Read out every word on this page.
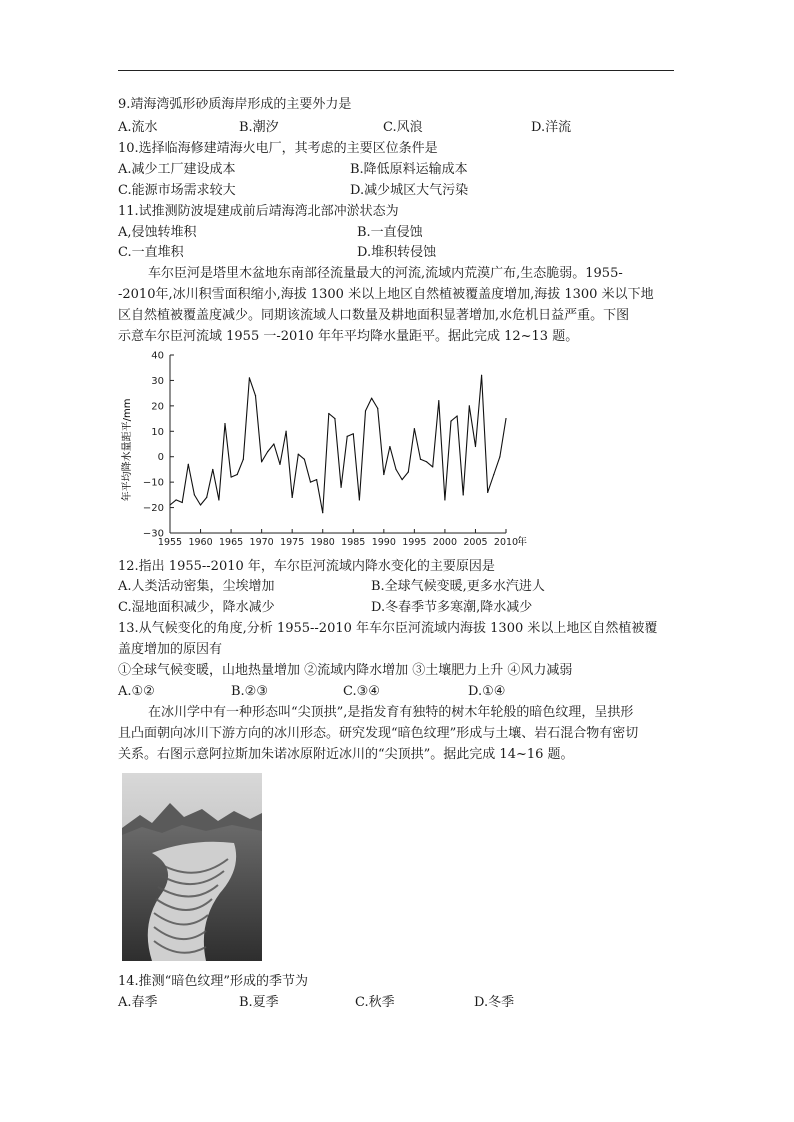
9.靖海湾弧形砂质海岸形成的主要外力是
A.流水	B.潮汐	C.风浪	D.洋流
10.选择临海修建靖海火电厂，其考虑的主要区位条件是
A.减少工厂建设成本	B.降低原料运输成本
C.能源市场需求较大	D.减少城区大气污染
11.试推测防波堤建成前后靖海湾北部冲淤状态为
A,侵蚀转堆积	B.一直侵蚀
C.一直堆积	D.堆积转侵蚀
车尔臣河是塔里木盆地东南部径流量最大的河流,流域内荒漠广布,生态脆弱。1955-
-2010年,冰川积雪面积缩小,海拔 1300 米以上地区自然植被覆盖度增加,海拔 1300 米以下地
区自然植被覆盖度减少。同期该流域人口数量及耕地面积显著增加,水危机日益严重。下图
示意车尔臣河流域 1955 一-2010 年年平均降水量距平。据此完成 12~13 题。
40
30
20
10
0
−10
−20
−30
1955 1960 1965 1970 1975 1980 1985 1990 1995 2000 2005 2010
年平均降水量距平/mm
年
12.指出 1955--2010 年，车尔臣河流域内降水变化的主要原因是
A.人类活动密集，尘埃增加	B.全球气候变暖,更多水汽进人
C.湿地面积减少，降水减少	D.冬春季节多寒潮,降水减少
13.从气候变化的角度,分析 1955--2010 年车尔臣河流域内海拔 1300 米以上地区自然植被覆
盖度增加的原因有
①全球气候变暖，山地热量增加 ②流域内降水增加 ③土壤肥力上升 ④风力减弱
A.①②	B.②③	C.③④	D.①④
在冰川学中有一种形态叫“尖顶拱”,是指发育有独特的树木年轮般的暗色纹理，呈拱形
且凸面朝向冰川下游方向的冰川形态。研究发现“暗色纹理”形成与土壤、岩石混合物有密切
关系。右图示意阿拉斯加朱诺冰原附近冰川的“尖顶拱”。据此完成 14~16 题。
14.推测“暗色纹理”形成的季节为
A.春季	B.夏季	C.秋季	D.冬季
